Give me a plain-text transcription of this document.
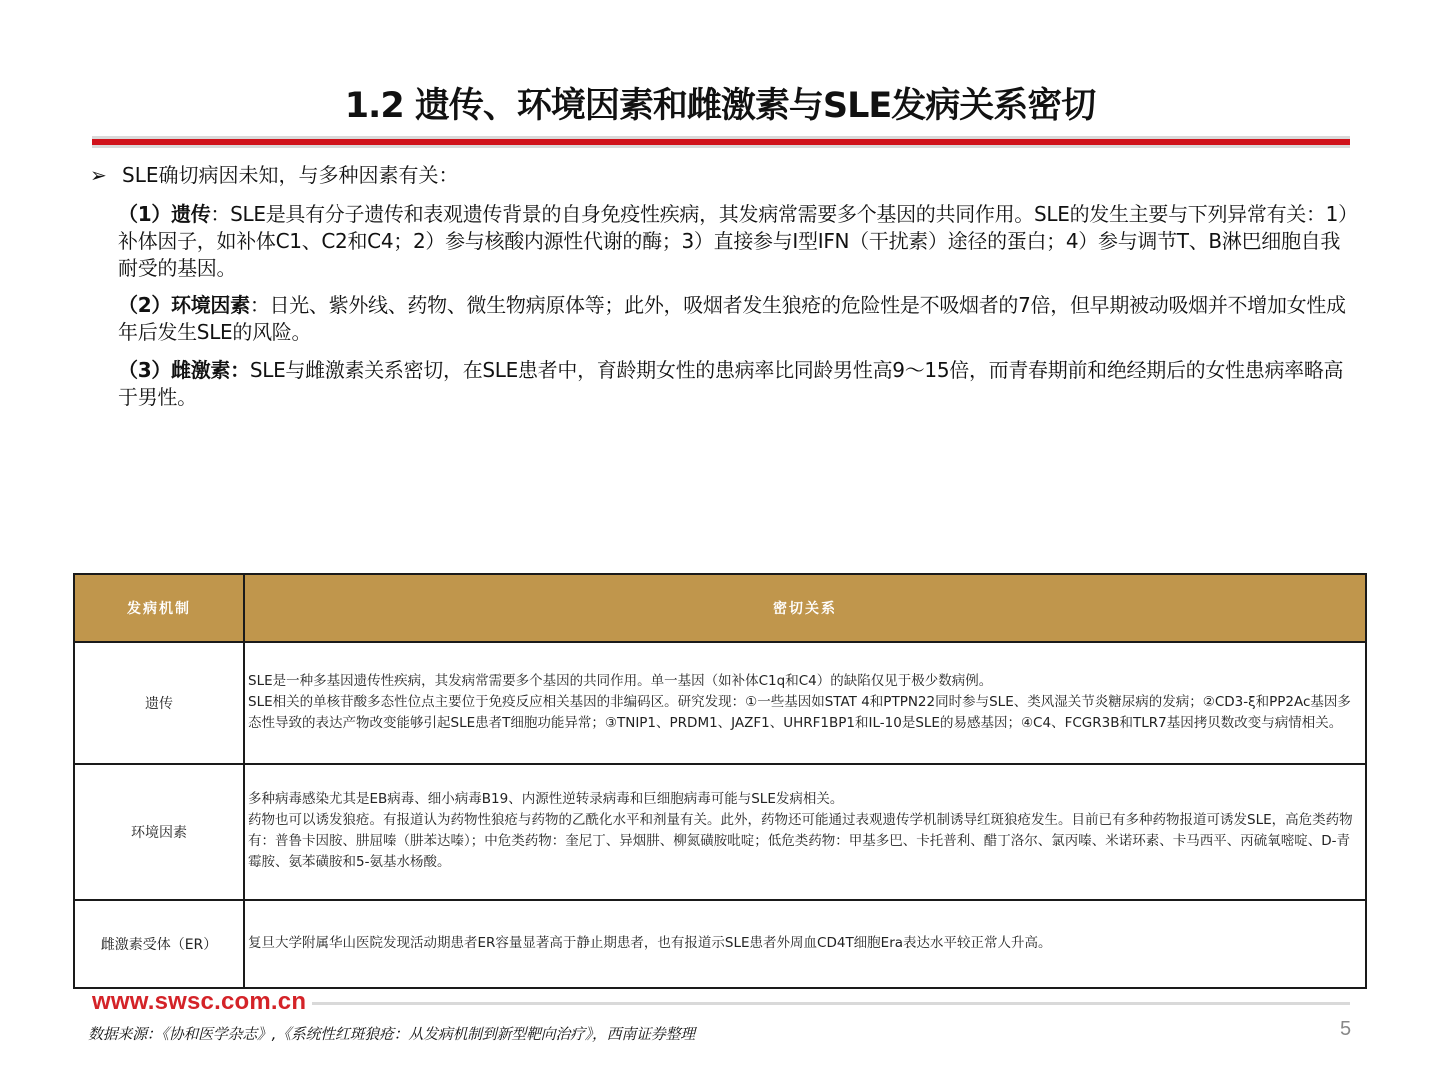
1.2 遗传、环境因素和雌激素与SLE发病关系密切
➢ SLE确切病因未知，与多种因素有关：
（1）遗传：SLE是具有分子遗传和表观遗传背景的自身免疫性疾病，其发病常需要多个基因的共同作用。SLE的发生主要与下列异常有关：1）补体因子，如补体C1、C2和C4；2）参与核酸内源性代谢的酶；3）直接参与Ⅰ型IFN（干扰素）途径的蛋白；4）参与调节T、B淋巴细胞自我耐受的基因。
（2）环境因素：日光、紫外线、药物、微生物病原体等；此外，吸烟者发生狼疮的危险性是不吸烟者的7倍，但早期被动吸烟并不增加女性成年后发生SLE的风险。
（3）雌激素：SLE与雌激素关系密切，在SLE患者中，育龄期女性的患病率比同龄男性高9～15倍，而青春期前和绝经期后的女性患病率略高于男性。
发病机制	密切关系
遗传	SLE是一种多基因遗传性疾病，其发病常需要多个基因的共同作用。单一基因（如补体C1q和C4）的缺陷仅见于极少数病例。
SLE相关的单核苷酸多态性位点主要位于免疫反应相关基因的非编码区。研究发现：①一些基因如STAT 4和PTPN22同时参与SLE、类风湿关节炎糖尿病的发病；②CD3-ξ和PP2Ac基因多态性导致的表达产物改变能够引起SLE患者T细胞功能异常；③TNIP1、PRDM1、JAZF1、UHRF1BP1和IL-10是SLE的易感基因；④C4、FCGR3B和TLR7基因拷贝数改变与病情相关。

环境因素	多种病毒感染尤其是EB病毒、细小病毒B19、内源性逆转录病毒和巨细胞病毒可能与SLE发病相关。
药物也可以诱发狼疮。有报道认为药物性狼疮与药物的乙酰化水平和剂量有关。此外，药物还可能通过表观遗传学机制诱导红斑狼疮发生。目前已有多种药物报道可诱发SLE，高危类药物有：普鲁卡因胺、肼屈嗪（肼苯达嗪）；中危类药物：奎尼丁、异烟肼、柳氮磺胺吡啶；低危类药物：甲基多巴、卡托普利、醋丁洛尔、氯丙嗪、米诺环素、卡马西平、丙硫氧嘧啶、D-青霉胺、氨苯磺胺和5-氨基水杨酸。

雌激素受体（ER）	复旦大学附属华山医院发现活动期患者ER容量显著高于静止期患者，也有报道示SLE患者外周血CD4T细胞Era表达水平较正常人升高。
www.swsc.com.cn
数据来源：《协和医学杂志》,《系统性红斑狼疮：从发病机制到新型靶向治疗》，西南证券整理	5
